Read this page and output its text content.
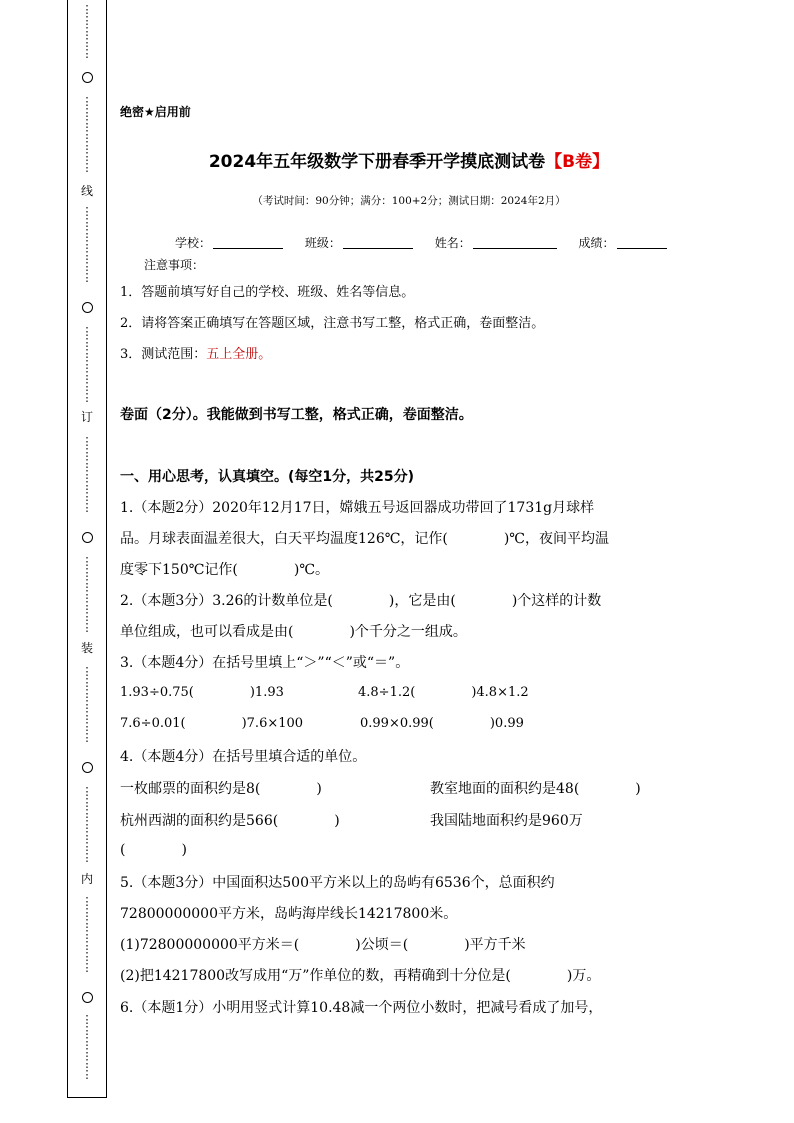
⋮
⋮
⋮
⋮
⋮
⋮
⋮
⋮
⋮
⋮
⋮
⋮
线
⋮
⋮
⋮
⋮
⋮
⋮
⋮
⋮
⋮
⋮
⋮
⋮
⋮
⋮
订
⋮
⋮
⋮
⋮
⋮
⋮
⋮
⋮
⋮
⋮
⋮
⋮
⋮
⋮
装
⋮
⋮
⋮
⋮
⋮
⋮
⋮
⋮
⋮
⋮
⋮
⋮
⋮
⋮
内
⋮
⋮
⋮
⋮
⋮
⋮
⋮
⋮
⋮
⋮
⋮
⋮
⋮
绝密★启用前
2024年五年级数学下册春季开学摸底测试卷【B卷】
（考试时间：90分钟；满分：100+2分；测试日期：2024年2月）
学校：	班级：	姓名：	成绩：
注意事项：
1．答题前填写好自己的学校、班级、姓名等信息。
2．请将答案正确填写在答题区域，注意书写工整，格式正确，卷面整洁。
3．测试范围：五上全册。
卷面（2分）。我能做到书写工整，格式正确，卷面整洁。
一、用心思考，认真填空。(每空1分，共25分)
1.（本题2分）2020年12月17日，嫦娥五号返回器成功带回了1731g月球样
品。月球表面温差很大，白天平均温度126℃，记作(	)℃，夜间平均温
度零下150℃记作(	)℃。
2.（本题3分）3.26的计数单位是(	)，它是由(	)个这样的计数
单位组成，也可以看成是由(	)个千分之一组成。
3.（本题4分）在括号里填上“＞”“＜”或“＝”。
1.93÷0.75(	)1.93	4.8÷1.2(	)4.8×1.2
7.6÷0.01(	)7.6×100	0.99×0.99(	)0.99
4.（本题4分）在括号里填合适的单位。
一枚邮票的面积约是8(	)	教室地面的面积约是48(	)
杭州西湖的面积约是566(	)	我国陆地面积约是960万
(	)
5.（本题3分）中国面积达500平方米以上的岛屿有6536个，总面积约
72800000000平方米，岛屿海岸线长14217800米。
(1)72800000000平方米＝(	)公顷＝(	)平方千米
(2)把14217800改写成用“万”作单位的数，再精确到十分位是(	)万。
6.（本题1分）小明用竖式计算10.48减一个两位小数时，把减号看成了加号，
